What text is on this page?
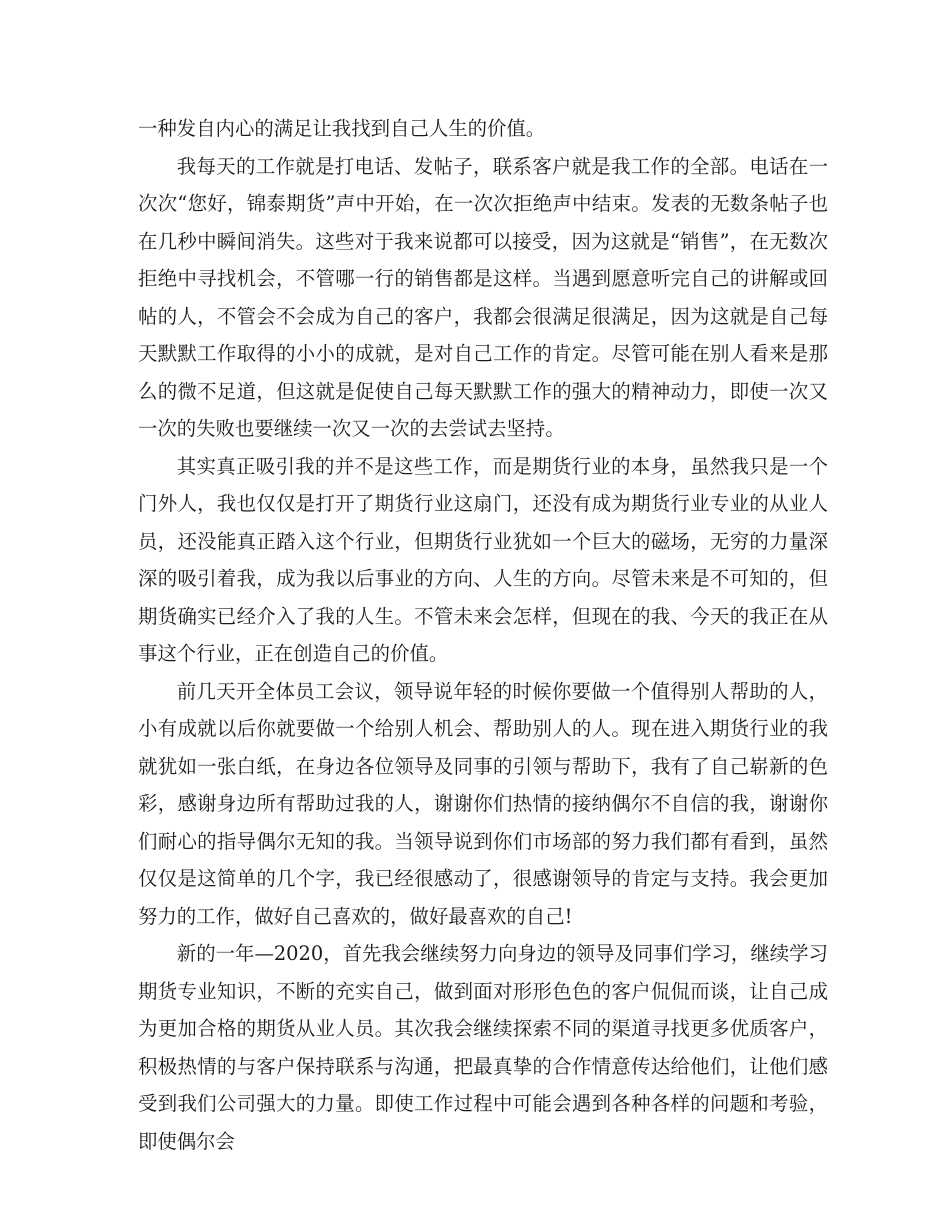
一种发自内心的满足让我找到自己人生的价值。

我每天的工作就是打电话、发帖子，联系客户就是我工作的全部。电话在一次次“您好，锦泰期货”声中开始，在一次次拒绝声中结束。发表的无数条帖子也在几秒中瞬间消失。这些对于我来说都可以接受，因为这就是“销售”，在无数次拒绝中寻找机会，不管哪一行的销售都是这样。当遇到愿意听完自己的讲解或回帖的人，不管会不会成为自己的客户，我都会很满足很满足，因为这就是自己每天默默工作取得的小小的成就，是对自己工作的肯定。尽管可能在别人看来是那么的微不足道，但这就是促使自己每天默默工作的强大的精神动力，即使一次又一次的失败也要继续一次又一次的去尝试去坚持。

其实真正吸引我的并不是这些工作，而是期货行业的本身，虽然我只是一个门外人，我也仅仅是打开了期货行业这扇门，还没有成为期货行业专业的从业人员，还没能真正踏入这个行业，但期货行业犹如一个巨大的磁场，无穷的力量深深的吸引着我，成为我以后事业的方向、人生的方向。尽管未来是不可知的，但期货确实已经介入了我的人生。不管未来会怎样，但现在的我、今天的我正在从事这个行业，正在创造自己的价值。

前几天开全体员工会议，领导说年轻的时候你要做一个值得别人帮助的人，小有成就以后你就要做一个给别人机会、帮助别人的人。现在进入期货行业的我就犹如一张白纸，在身边各位领导及同事的引领与帮助下，我有了自己崭新的色彩，感谢身边所有帮助过我的人，谢谢你们热情的接纳偶尔不自信的我，谢谢你们耐心的指导偶尔无知的我。当领导说到你们市场部的努力我们都有看到，虽然仅仅是这简单的几个字，我已经很感动了，很感谢领导的肯定与支持。我会更加努力的工作，做好自己喜欢的，做好最喜欢的自己!

新的一年—2020，首先我会继续努力向身边的领导及同事们学习，继续学习期货专业知识，不断的充实自己，做到面对形形色色的客户侃侃而谈，让自己成为更加合格的期货从业人员。其次我会继续探索不同的渠道寻找更多优质客户，积极热情的与客户保持联系与沟通，把最真挚的合作情意传达给他们，让他们感受到我们公司强大的力量。即使工作过程中可能会遇到各种各样的问题和考验，即使偶尔会
